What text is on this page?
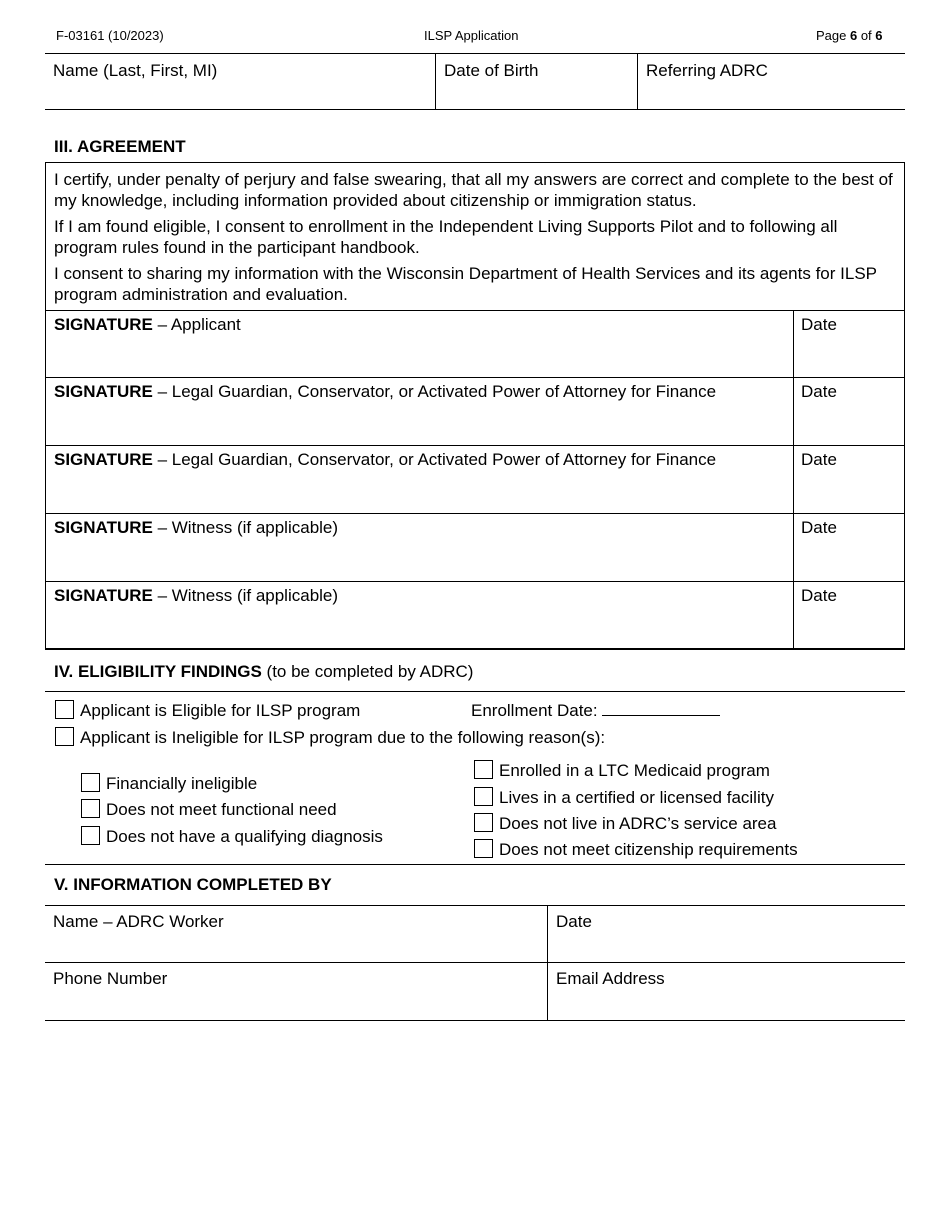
F-03161 (10/2023)	ILSP Application	Page 6 of 6
Name (Last, First, MI)	Date of Birth	Referring ADRC
III. AGREEMENT

I certify, under penalty of perjury and false swearing, that all my answers are correct and complete to the best of my knowledge, including information provided about citizenship or immigration status.

If I am found eligible, I consent to enrollment in the Independent Living Supports Pilot and to following all program rules found in the participant handbook.

I consent to sharing my information with the Wisconsin Department of Health Services and its agents for ILSP program administration and evaluation.

SIGNATURE – Applicant	Date
SIGNATURE – Legal Guardian, Conservator, or Activated Power of Attorney for Finance	Date
SIGNATURE – Legal Guardian, Conservator, or Activated Power of Attorney for Finance	Date
SIGNATURE – Witness (if applicable)	Date
SIGNATURE – Witness (if applicable)	Date
IV. ELIGIBILITY FINDINGS (to be completed by ADRC)
Applicant is Eligible for ILSP program	Enrollment Date:
Applicant is Ineligible for ILSP program due to the following reason(s):
Financially ineligible
Does not meet functional need
Does not have a qualifying diagnosis
Enrolled in a LTC Medicaid program
Lives in a certified or licensed facility
Does not live in ADRC’s service area
Does not meet citizenship requirements
V. INFORMATION COMPLETED BY
Name – ADRC Worker	Date
Phone Number	Email Address
